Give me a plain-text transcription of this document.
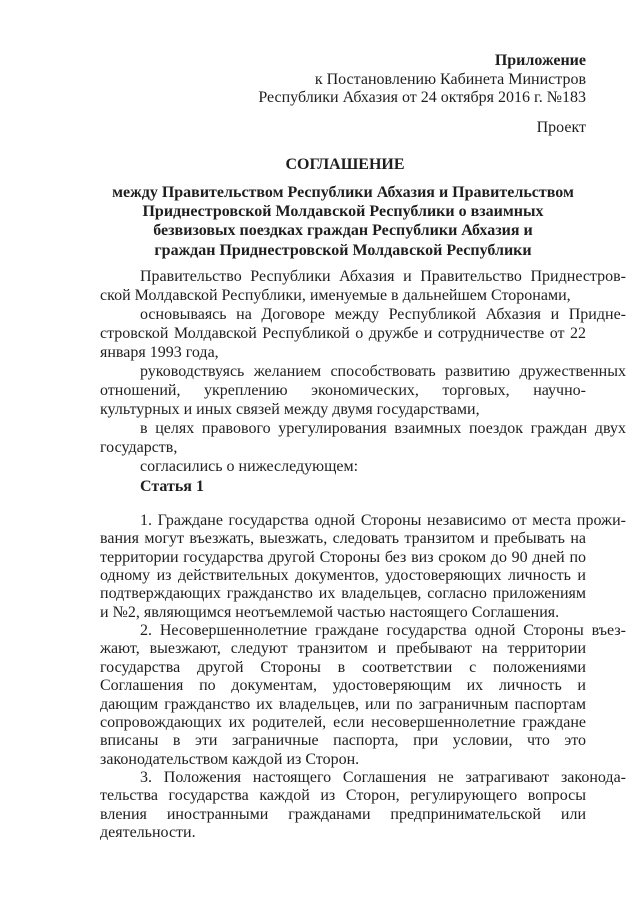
Приложение
к Постановлению Кабинета Министров
Республики Абхазия от 24 октября 2016 г. №183
Проект
СОГЛАШЕНИЕ
между Правительством Республики Абхазия и Правительством
Приднестровской Молдавской Республики о взаимных
безвизовых поездках граждан Республики Абхазия и
граждан Приднестровской Молдавской Республики
Правительство Республики Абхазия и Правительство Приднестров-
ской Молдавской Республики, именуемые в дальнейшем Сторонами,
основываясь на Договоре между Республикой Абхазия и Придне-
стровской Молдавской Республикой о дружбе и сотрудничестве от 22
января 1993 года,
руководствуясь желанием способствовать развитию дружественных
отношений, укреплению экономических, торговых, научно-
культурных и иных связей между двумя государствами,
в целях правового урегулирования взаимных поездок граждан двух
государств,
согласились о нижеследующем:
Статья 1
1. Граждане государства одной Стороны независимо от места прожи-
вания могут въезжать, выезжать, следовать транзитом и пребывать на
территории государства другой Стороны без виз сроком до 90 дней по
одному из действительных документов, удостоверяющих личность и
подтверждающих гражданство их владельцев, согласно приложениям
и №2, являющимся неотъемлемой частью настоящего Соглашения.
2. Несовершеннолетние граждане государства одной Стороны въез-
жают, выезжают, следуют транзитом и пребывают на территории
государства другой Стороны в соответствии с положениями
Соглашения по документам, удостоверяющим их личность и
дающим гражданство их владельцев, или по заграничным паспортам
сопровождающих их родителей, если несовершеннолетние граждане
вписаны в эти заграничные паспорта, при условии, что это
законодательством каждой из Сторон.
3. Положения настоящего Соглашения не затрагивают законода-
тельства государства каждой из Сторон, регулирующего вопросы
вления иностранными гражданами предпринимательской или
деятельности.
